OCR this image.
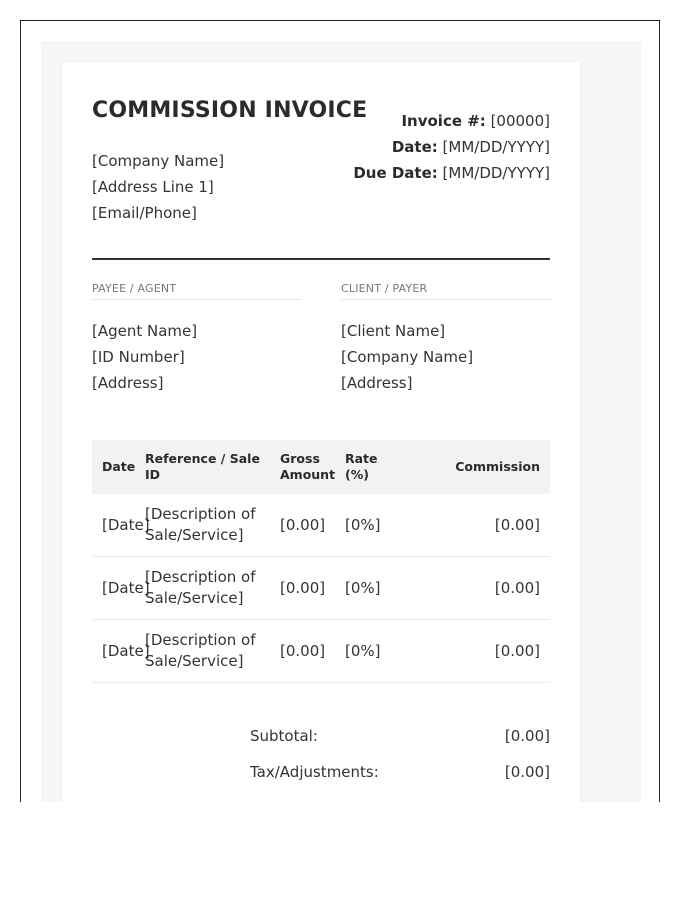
COMMISSION INVOICE
[Company Name]
[Address Line 1]
[Email/Phone]
Invoice #: [00000]
Date: [MM/DD/YYYY]
Due Date: [MM/DD/YYYY]
PAYEE / AGENT
[Agent Name]
[ID Number]
[Address]
CLIENT / PAYER
[Client Name]
[Company Name]
[Address]
Date	Reference / Sale ID	Gross Amount	Rate (%)	Commission
[Date]	[Description of Sale/Service]	[0.00]	[0%]	[0.00]
[Date]	[Description of Sale/Service]	[0.00]	[0%]	[0.00]
[Date]	[Description of Sale/Service]	[0.00]	[0%]	[0.00]
Subtotal:	[0.00]
Tax/Adjustments:	[0.00]
